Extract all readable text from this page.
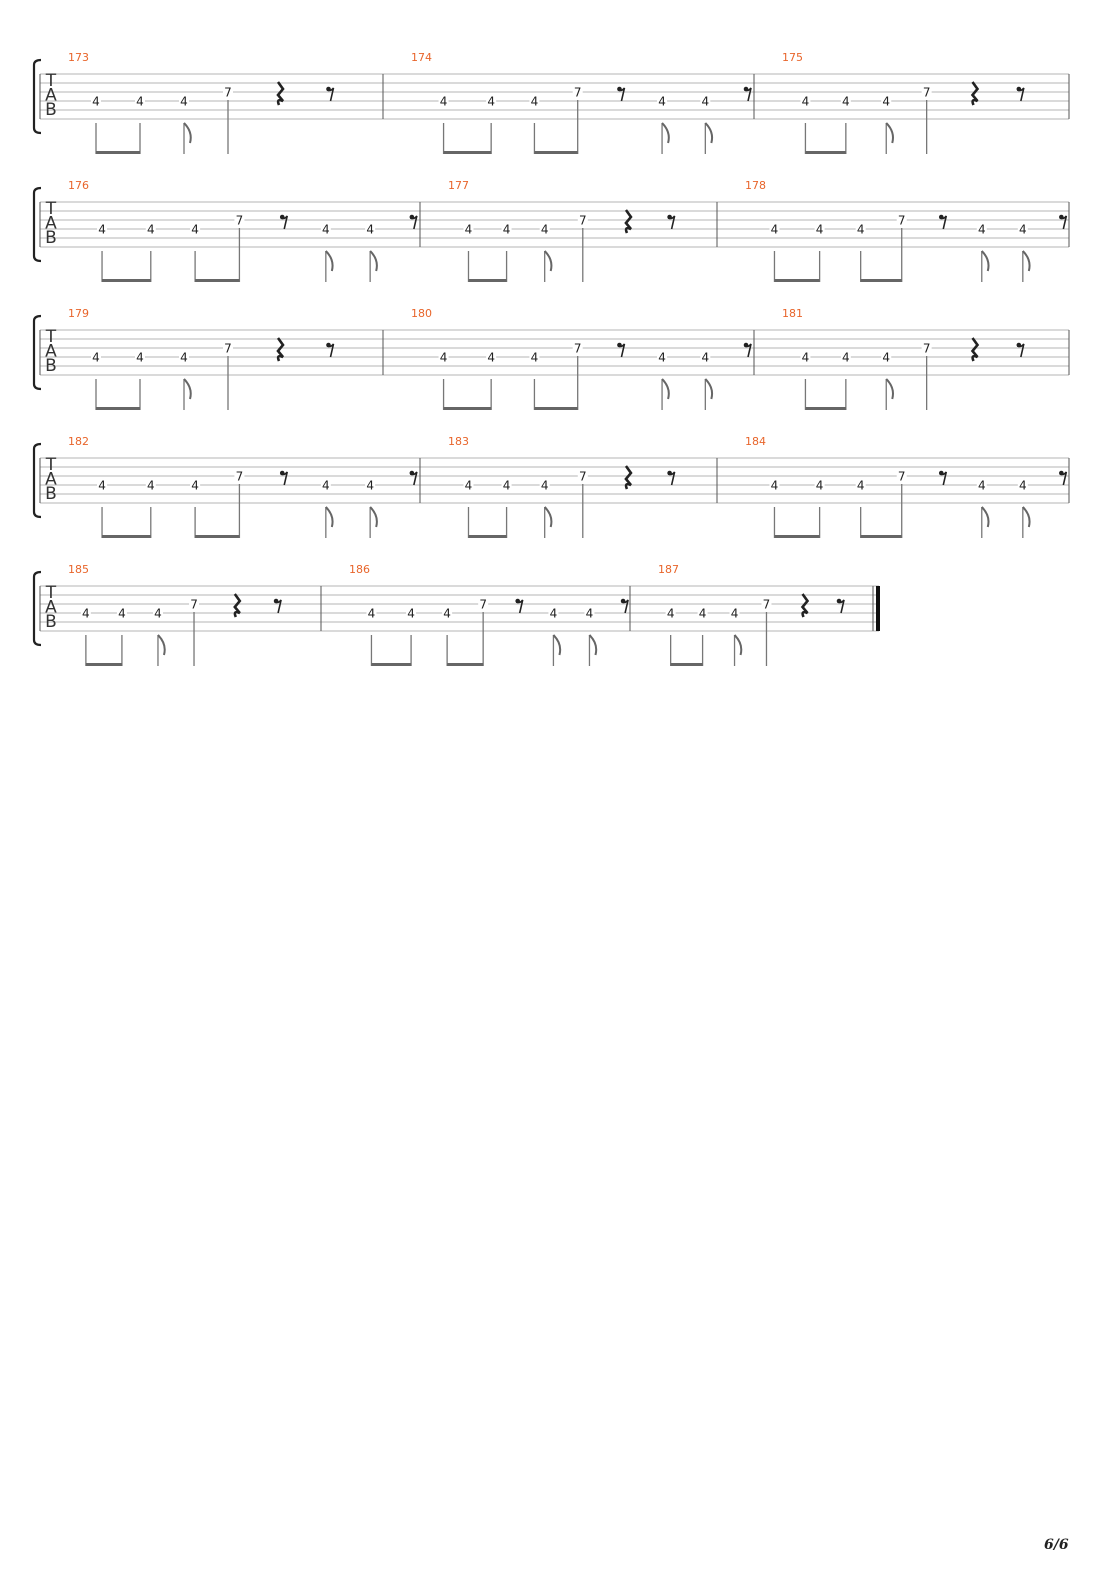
T
A
B
173
4	4	4
7
174
4	4	4
7
4	4
175
4	4	4
7
T
A
B
176
4	4	4
7
4	4
177
4	4	4
7
178
4	4	4
7
4	4
T
A
B
179
4	4	4
7
180
4	4	4
7
4	4
181
4	4	4
7
T
A
B
182
4	4	4
7
4	4
183
4	4	4
7
184
4	4	4
7
4	4
T
A
B
185
4 4 4
7
186
4	4 4
7
4 4
187
4 4 4
7
6/6
